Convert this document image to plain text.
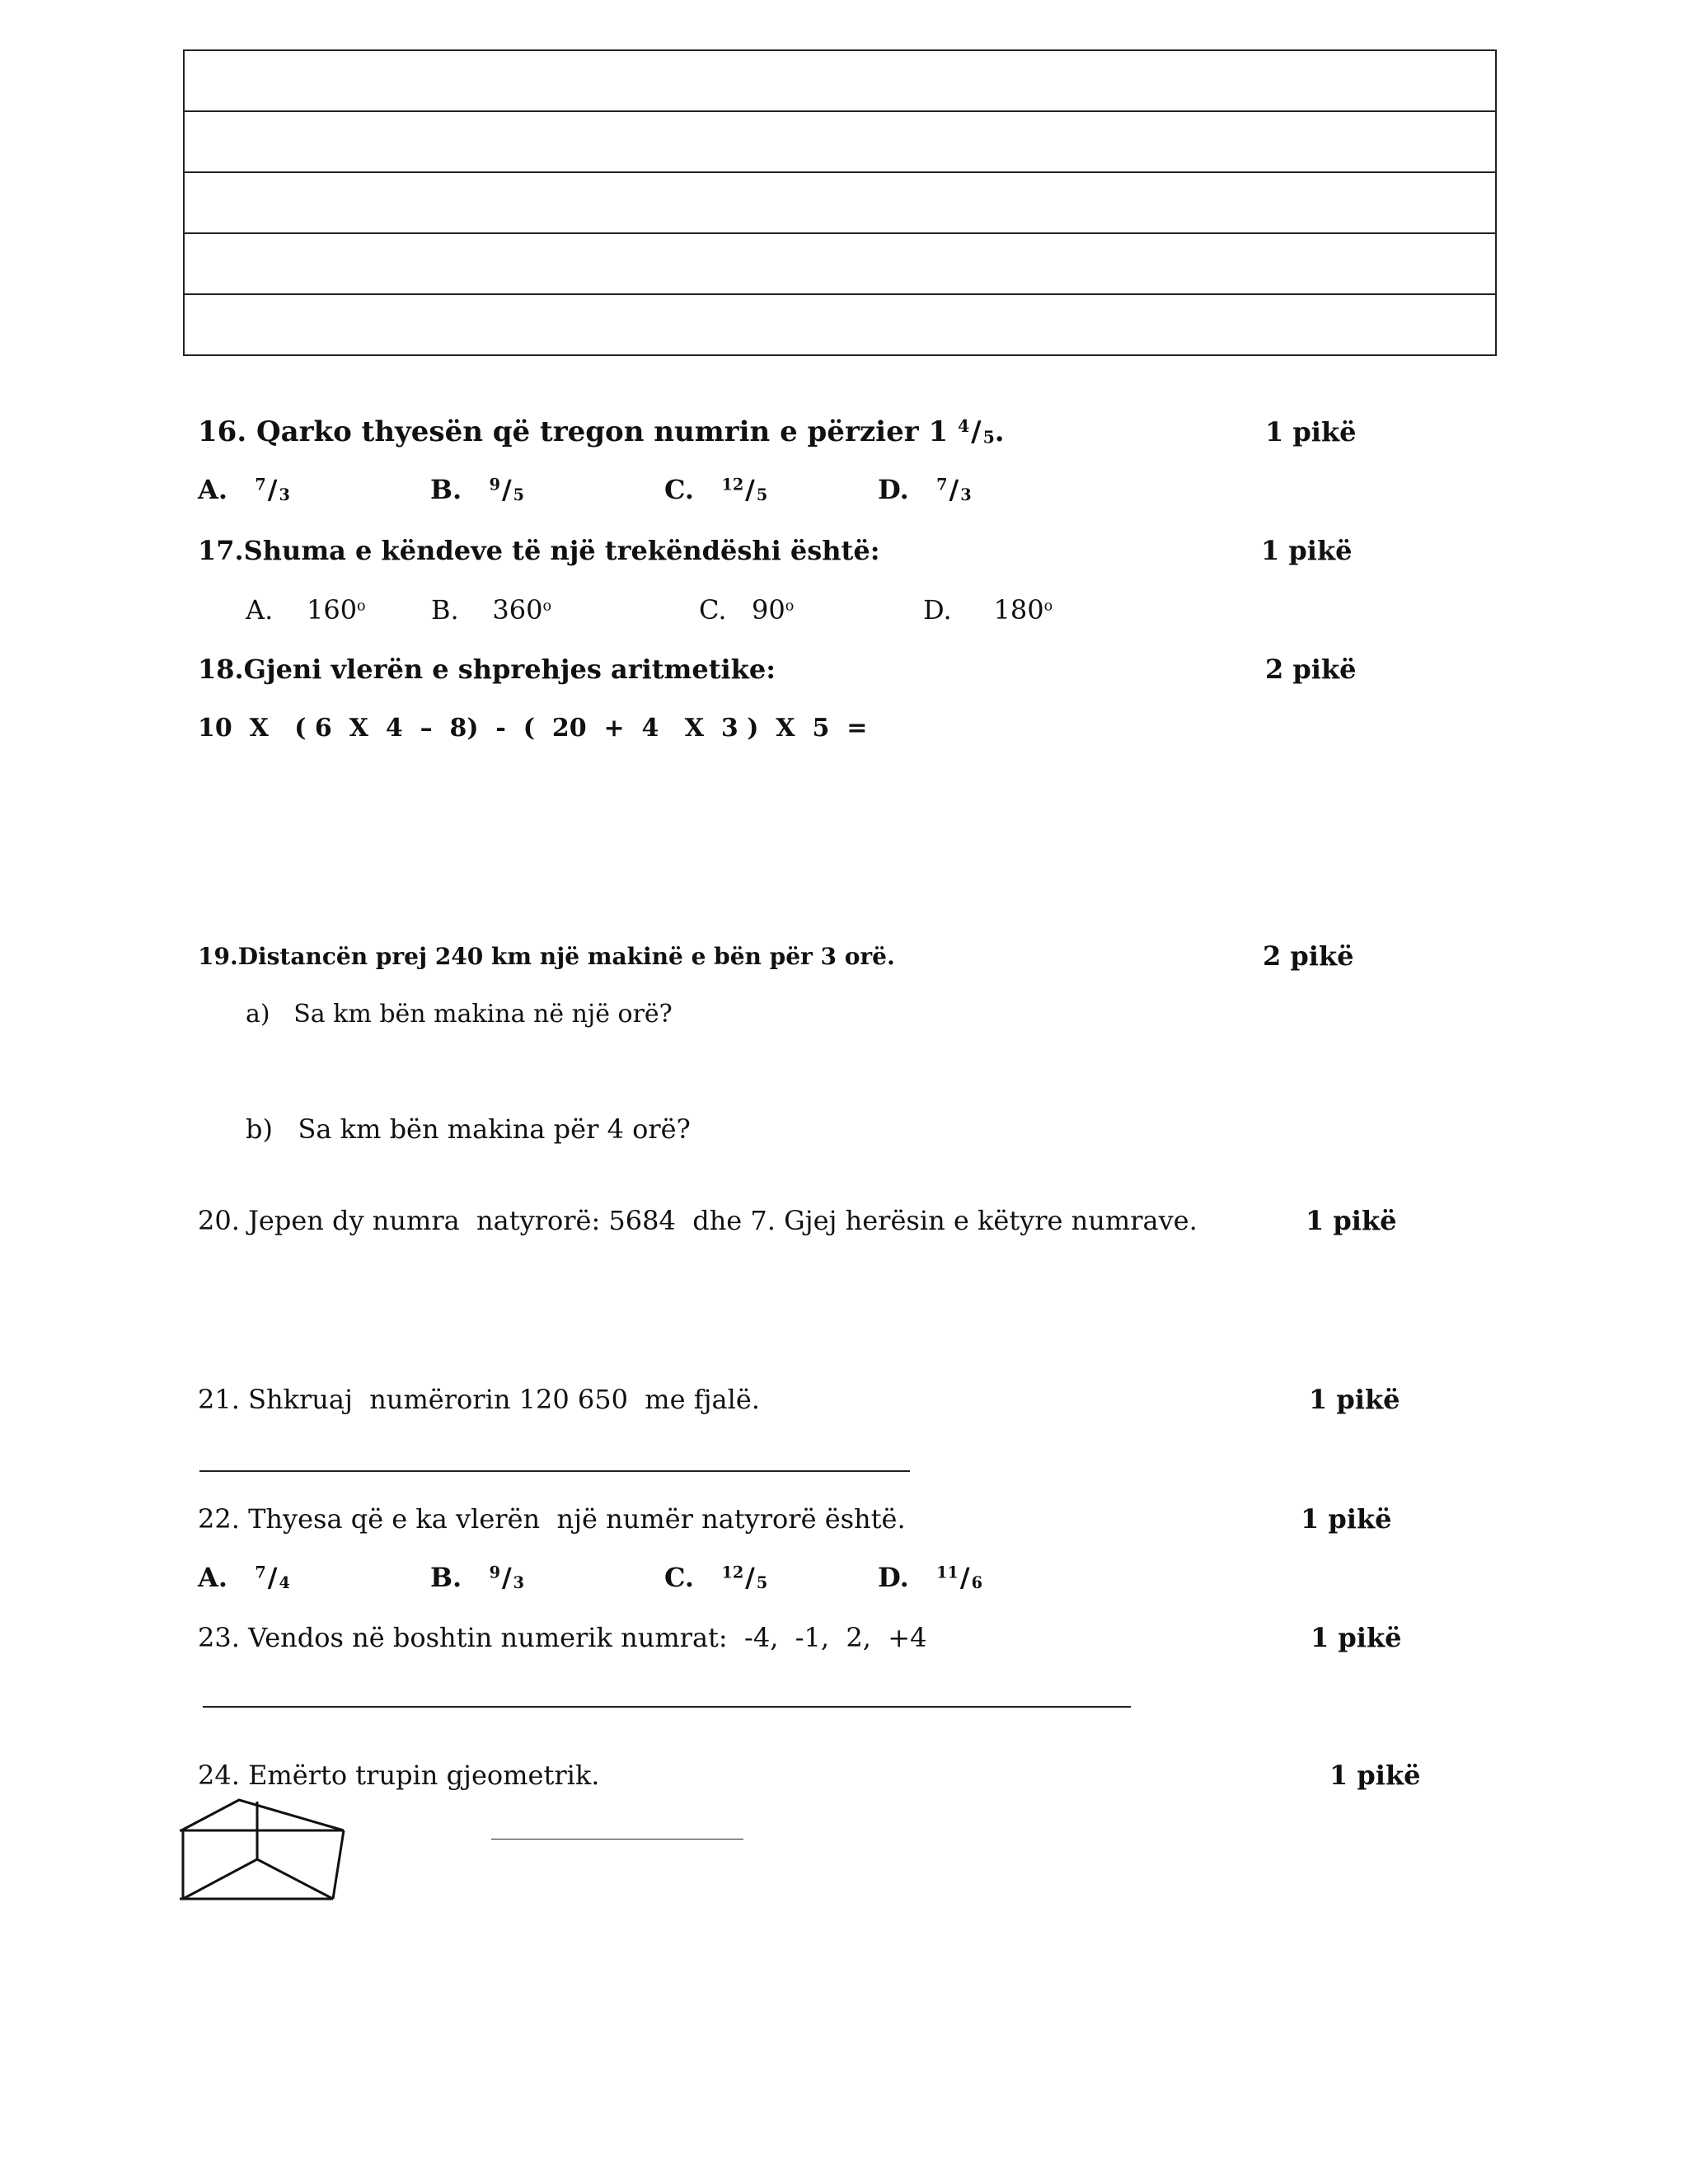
16. Qarko thyesën që tregon numrin e përzier 1 $^4$/5.	1 pikë
A. $^7$/ 3	B. $^9$/ 5	C. $^{12}$/ 5	D. $^7$/ 3
17.Shuma e këndeve të një trekëndëshi është:	1 pikë
A. 160$^o$ B. 360$^o$	C. 90$^o$	D. 180$^o$
18.Gjeni vlerën e shprehjes aritmetike:	2 pikë
10  X   ( 6  X  4  –  8)  -  (  20  +  4   X  3 )  X  5  =
19.Distancën prej 240 km një makinë e bën për 3 orë.	2 pikë
a) Sa km bën makina në një orë?
b) Sa km bën makina për 4 orë?
20. Jepen dy numra  natyrorë: 5684  dhe 7. Gjej herësin e këtyre numrave.	1 pikë
21. Shkruaj  numërorin 120 650  me fjalë.	1 pikë
22. Thyesa që e ka vlerën  një numër natyrorë është.	1 pikë
A. $^7$/ 4	B. $^9$/ 3	C. $^{12}$/ 5	D. $^{11}$/ 6
23. Vendos në boshtin numerik numrat:  -4,  -1,  2,  +4	1 pikë
24. Emërto trupin gjeometrik.	1 pikë
